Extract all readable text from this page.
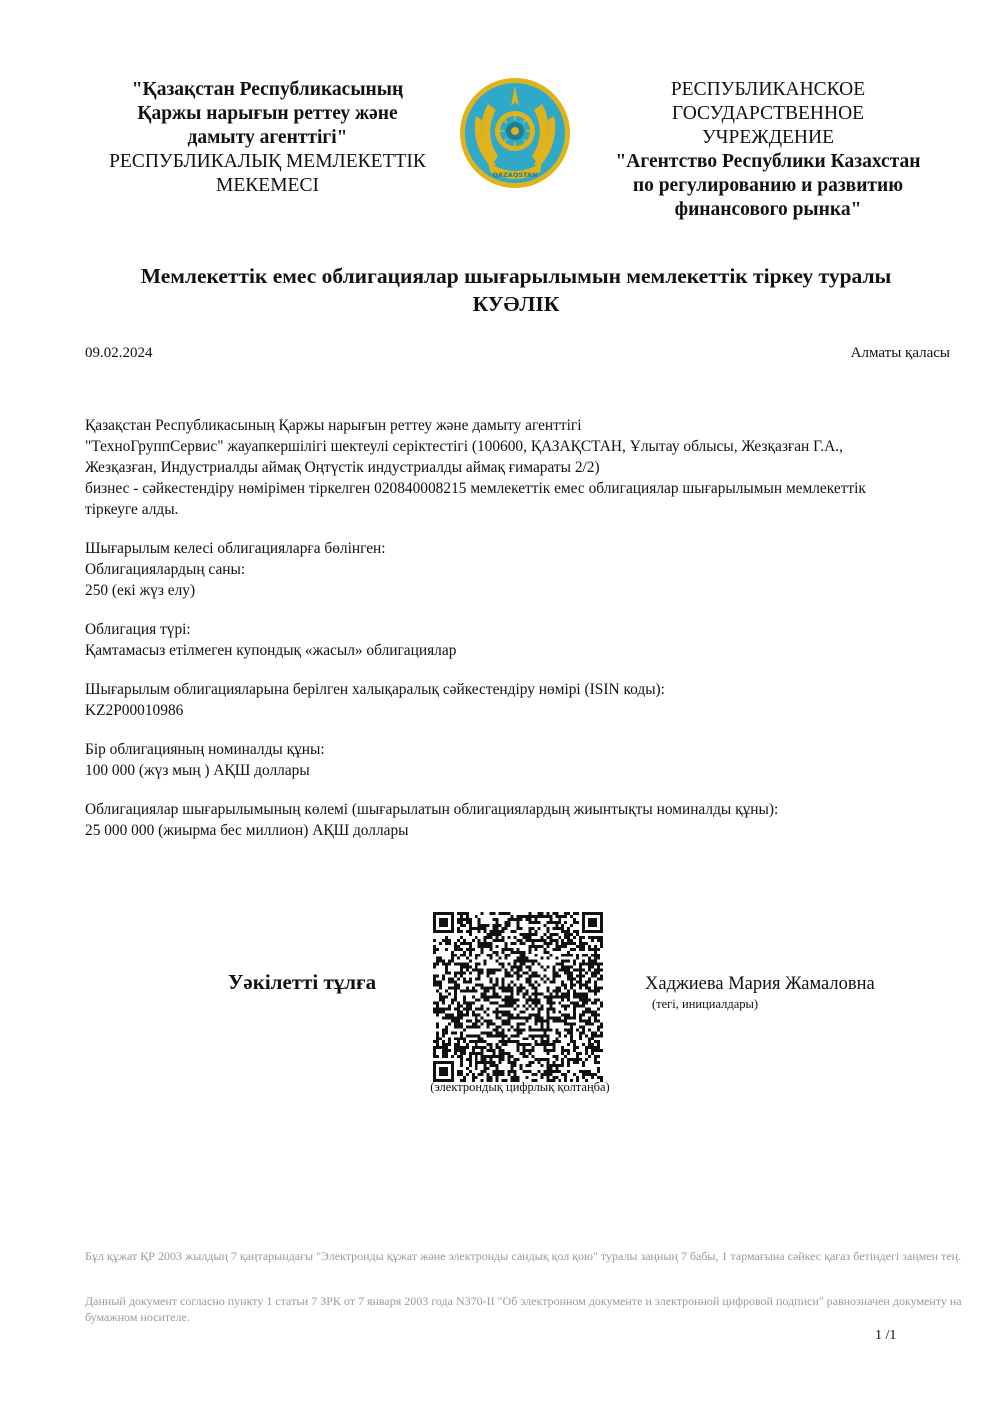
"Қазақстан Республикасының
Қаржы нарығын реттеу және
дамыту агенттігі"
РЕСПУБЛИКАЛЫҚ МЕМЛЕКЕТТІК
МЕКЕМЕСІ	QAZAQSTAN
РЕСПУБЛИКАНСКОЕ
ГОСУДАРСТВЕННОЕ
УЧРЕЖДЕНИЕ
"Агентство Республики Казахстан
по регулированию и развитию
финансового рынка"
Мемлекеттік емес облигациялар шығарылымын мемлекеттік тіркеу туралы
КУӘЛІК
09.02.2024	Алматы қаласы

Қазақстан Республикасының Қаржы нарығын реттеу және дамыту агенттігі

"ТехноГруппСервис" жауапкершілігі шектеулі серіктестігі (100600, ҚАЗАҚСТАН, Ұлытау облысы, Жезқазған Г.А.,

Жезқазған, Индустриалды аймақ Оңтүстік индустриалды аймақ ғимараты 2/2)

бизнес - сәйкестендіру нөмірімен тіркелген 020840008215 мемлекеттік емес облигациялар шығарылымын мемлекеттік

тіркеуге алды.

Шығарылым келесі облигацияларға бөлінген:

Облигациялардың саны:

250 (екі жүз елу)

Облигация түрі:

Қамтамасыз етілмеген купондық «жасыл» облигациялар

Шығарылым облигацияларына берілген халықаралық сәйкестендіру нөмірі (ISIN коды):

KZ2P00010986

Бір облигацияның номиналды құны:

100 000 (жүз мың ) АҚШ доллары

Облигациялар шығарылымының көлемі (шығарылатын облигациялардың жиынтықты номиналды құны):

25 000 000 (жиырма бес миллион) АҚШ доллары

Уәкілетті тұлға
(электрондық цифрлық қолтаңба)
Хаджиева Мария Жамаловна
(тегі, инициалдары)
Бұл құжат ҚР 2003 жылдың 7 қаңтарындағы "Электронды құжат және электронды сандық қол қою" туралы заңның 7 бабы, 1 тармағына сәйкес қағаз бетіндегі заңмен тең.
Данный документ согласно пункту 1 статьи 7 ЗРК от 7 января 2003 года N370-II "Об электронном документе и электронной цифровой подписи" равнозначен документу на бумажном носителе.
1 /1
